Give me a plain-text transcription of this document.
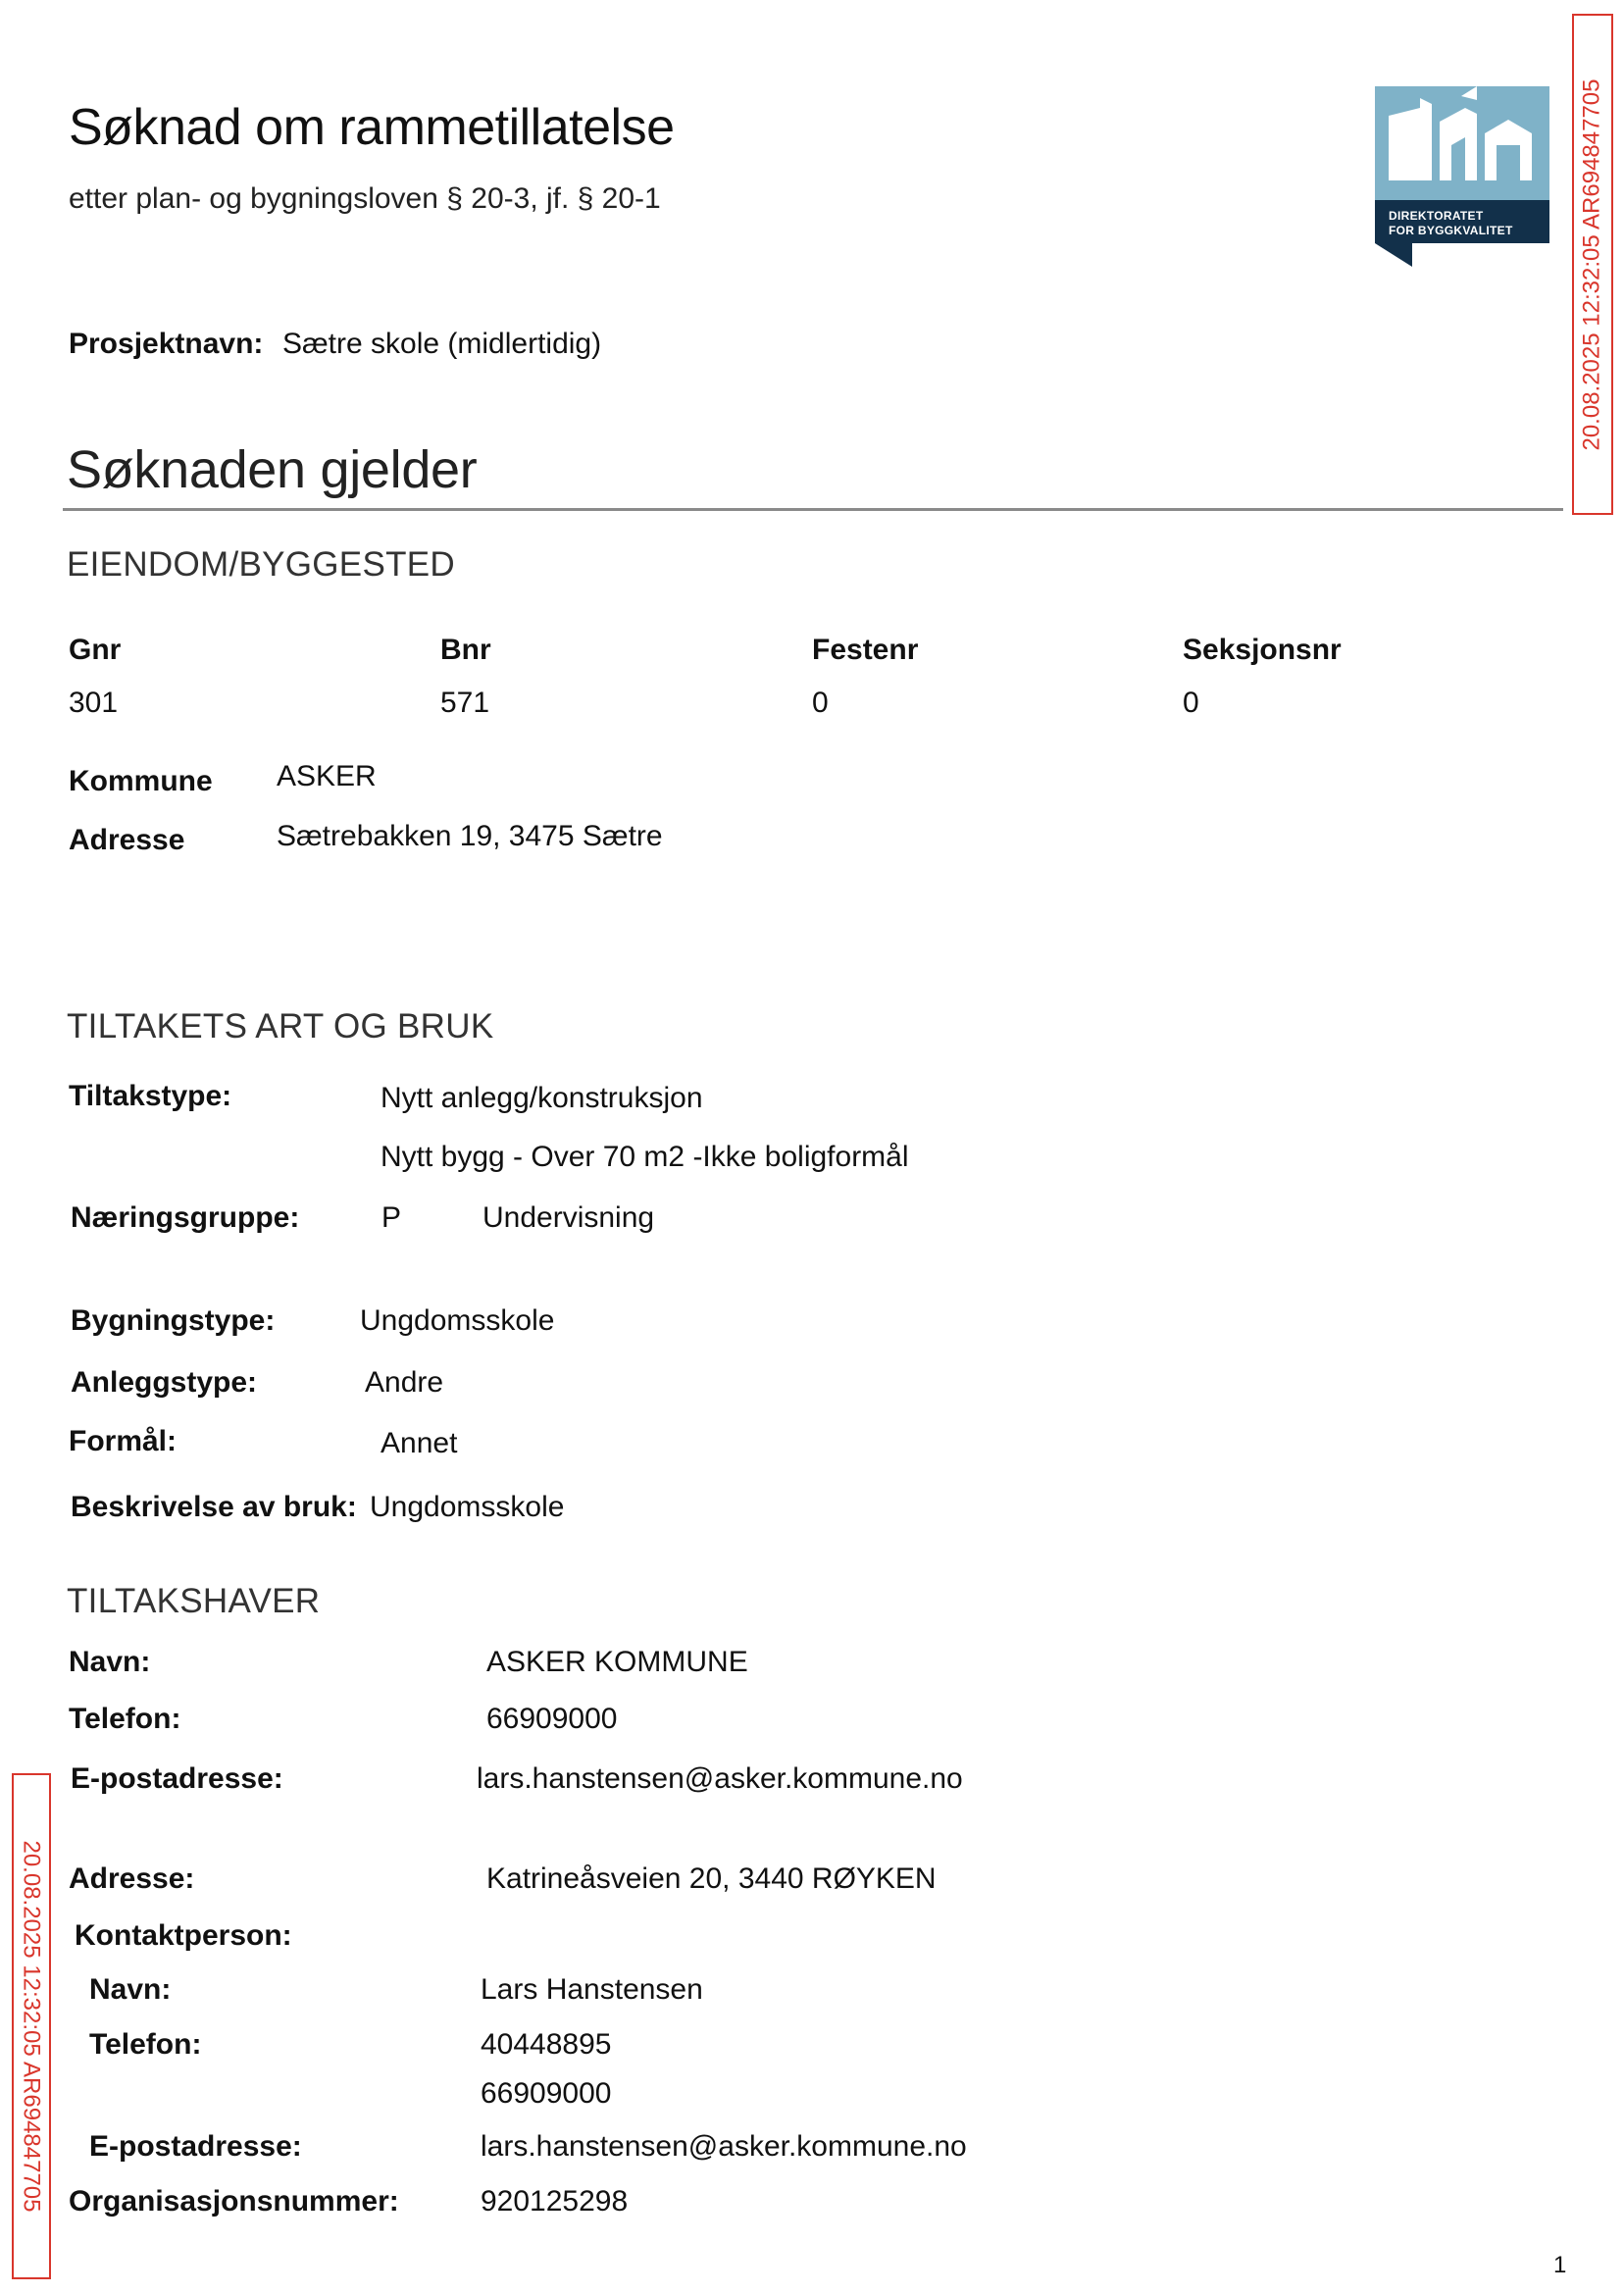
Søknad om rammetillatelse
etter plan- og bygningsloven § 20-3, jf. § 20-1
Prosjektnavn: Sætre skole (midlertidig)
DIREKTORATET
FOR BYGGKVALITET	20.08.2025 12:32:05 AR694847705
20.08.2025 12:32:05 AR694847705
Søknaden gjelder
EIENDOM/BYGGESTED
Gnr	Bnr	Festenr	Seksjonsnr
301	571	0	0
Kommune ASKER
Adresse	Sætrebakken 19, 3475 Sætre
TILTAKETS ART OG BRUK
Tiltakstype:	Nytt anlegg/konstruksjon
Nytt bygg - Over 70 m2 -Ikke boligformål
Næringsgruppe:	P	Undervisning
Bygningstype:	Ungdomsskole
Anleggstype:	Andre
Formål:	Annet
Beskrivelse av bruk: Ungdomsskole
TILTAKSHAVER
Navn:	ASKER KOMMUNE
Telefon:	66909000
E-postadresse:	lars.hanstensen@asker.kommune.no
Adresse:	Katrineåsveien 20, 3440 RØYKEN
Kontaktperson:
Navn:	Lars Hanstensen
Telefon:	40448895
66909000
E-postadresse:	lars.hanstensen@asker.kommune.no
Organisasjonsnummer:	920125298
1
